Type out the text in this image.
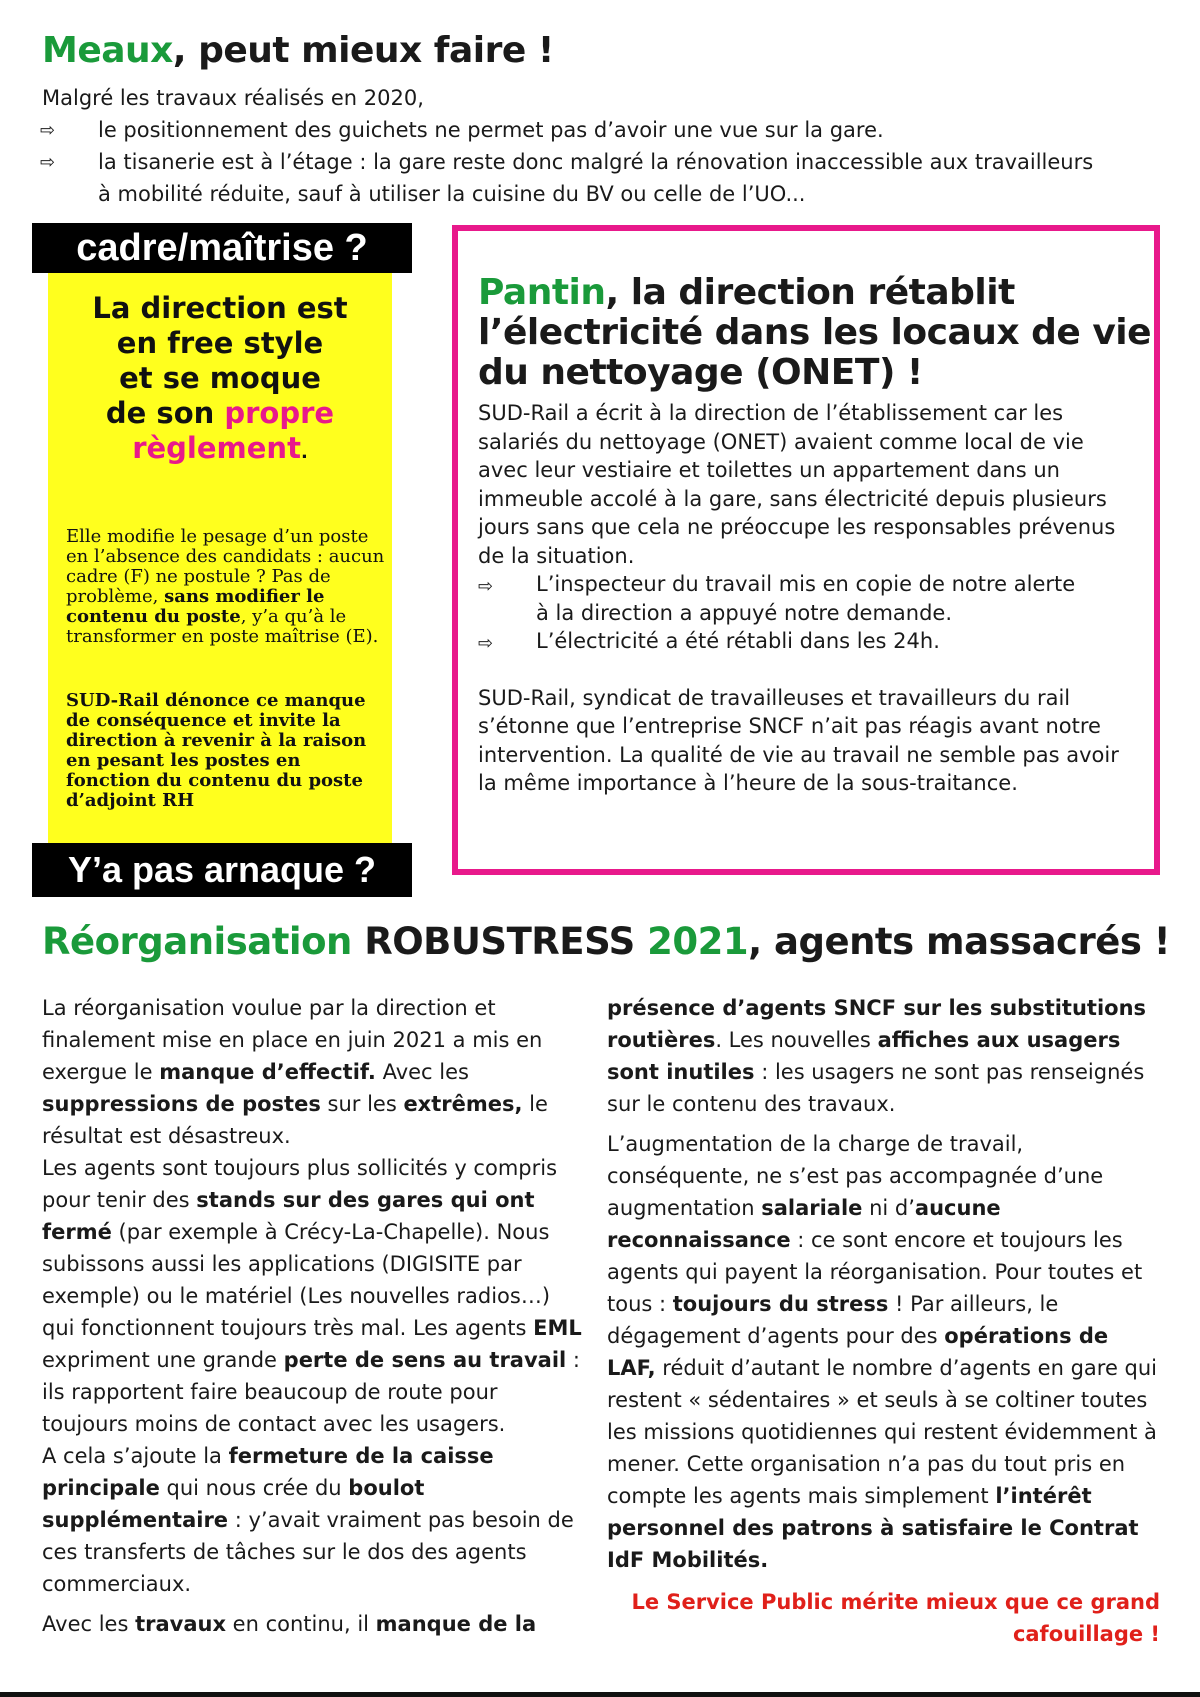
Meaux, peut mieux faire !
Malgré les travaux réalisés en 2020,
⇨ le positionnement des guichets ne permet pas d’avoir une vue sur la gare.
⇨ la tisanerie est à l’étage : la gare reste donc malgré la rénovation inaccessible aux travailleurs
à mobilité réduite, sauf à utiliser la cuisine du BV ou celle de l’UO...
cadre/maîtrise ?
La direction est
en free style
et se moque
de son propre
règlement.
Elle modifie le pesage d’un poste en l’absence des candidats : aucun cadre (F) ne postule ? Pas de problème, sans modifier le contenu du poste, y’a qu’à le transformer en poste maîtrise (E).
SUD-Rail dénonce ce manque de conséquence et invite la direction à revenir à la raison en pesant les postes en fonction du contenu du poste d’adjoint RH
Y’a pas arnaque ?
Pantin, la direction rétablit l’électricité dans les locaux de vie du nettoyage (ONET) !
SUD-Rail a écrit à la direction de l’établissement car les salariés du nettoyage (ONET) avaient comme local de vie avec leur vestiaire et toilettes un appartement dans un immeuble accolé à la gare, sans électricité depuis plusieurs jours sans que cela ne préoccupe les responsables prévenus de la situation.
⇨ L’inspecteur du travail mis en copie de notre alerte
à la direction a appuyé notre demande.
⇨ L’électricité a été rétabli dans les 24h.
SUD-Rail, syndicat de travailleuses et travailleurs du rail s’étonne que l’entreprise SNCF n’ait pas réagis avant notre intervention. La qualité de vie au travail ne semble pas avoir la même importance à l’heure de la sous-traitance.
Réorganisation ROBUSTRESS 2021, agents massacrés !
La réorganisation voulue par la direction et finalement mise en place en juin 2021 a mis en exergue le manque d’effectif. Avec les suppressions de postes sur les extrêmes, le résultat est désastreux.
Les agents sont toujours plus sollicités y compris pour tenir des stands sur des gares qui ont fermé (par exemple à Crécy-La-Chapelle). Nous subissons aussi les applications (DIGISITE par exemple) ou le matériel (Les nouvelles radios…) qui fonctionnent toujours très mal. Les agents EML expriment une grande perte de sens au travail : ils rapportent faire beaucoup de route pour toujours moins de contact avec les usagers.
A cela s’ajoute la fermeture de la caisse principale qui nous crée du boulot supplémentaire : y’avait vraiment pas besoin de ces transferts de tâches sur le dos des agents commerciaux.
Avec les travaux en continu, il manque de la
présence d’agents SNCF sur les substitutions routières. Les nouvelles affiches aux usagers sont inutiles : les usagers ne sont pas renseignés sur le contenu des travaux.
L’augmentation de la charge de travail, conséquente, ne s’est pas accompagnée d’une augmentation salariale ni d’aucune reconnaissance : ce sont encore et toujours les agents qui payent la réorganisation. Pour toutes et tous : toujours du stress ! Par ailleurs, le dégagement d’agents pour des opérations de LAF, réduit d’autant le nombre d’agents en gare qui restent « sédentaires » et seuls à se coltiner toutes les missions quotidiennes qui restent évidemment à mener. Cette organisation n’a pas du tout pris en compte les agents mais simplement l’intérêt personnel des patrons à satisfaire le Contrat IdF Mobilités.
Le Service Public mérite mieux que ce grand
cafouillage !
